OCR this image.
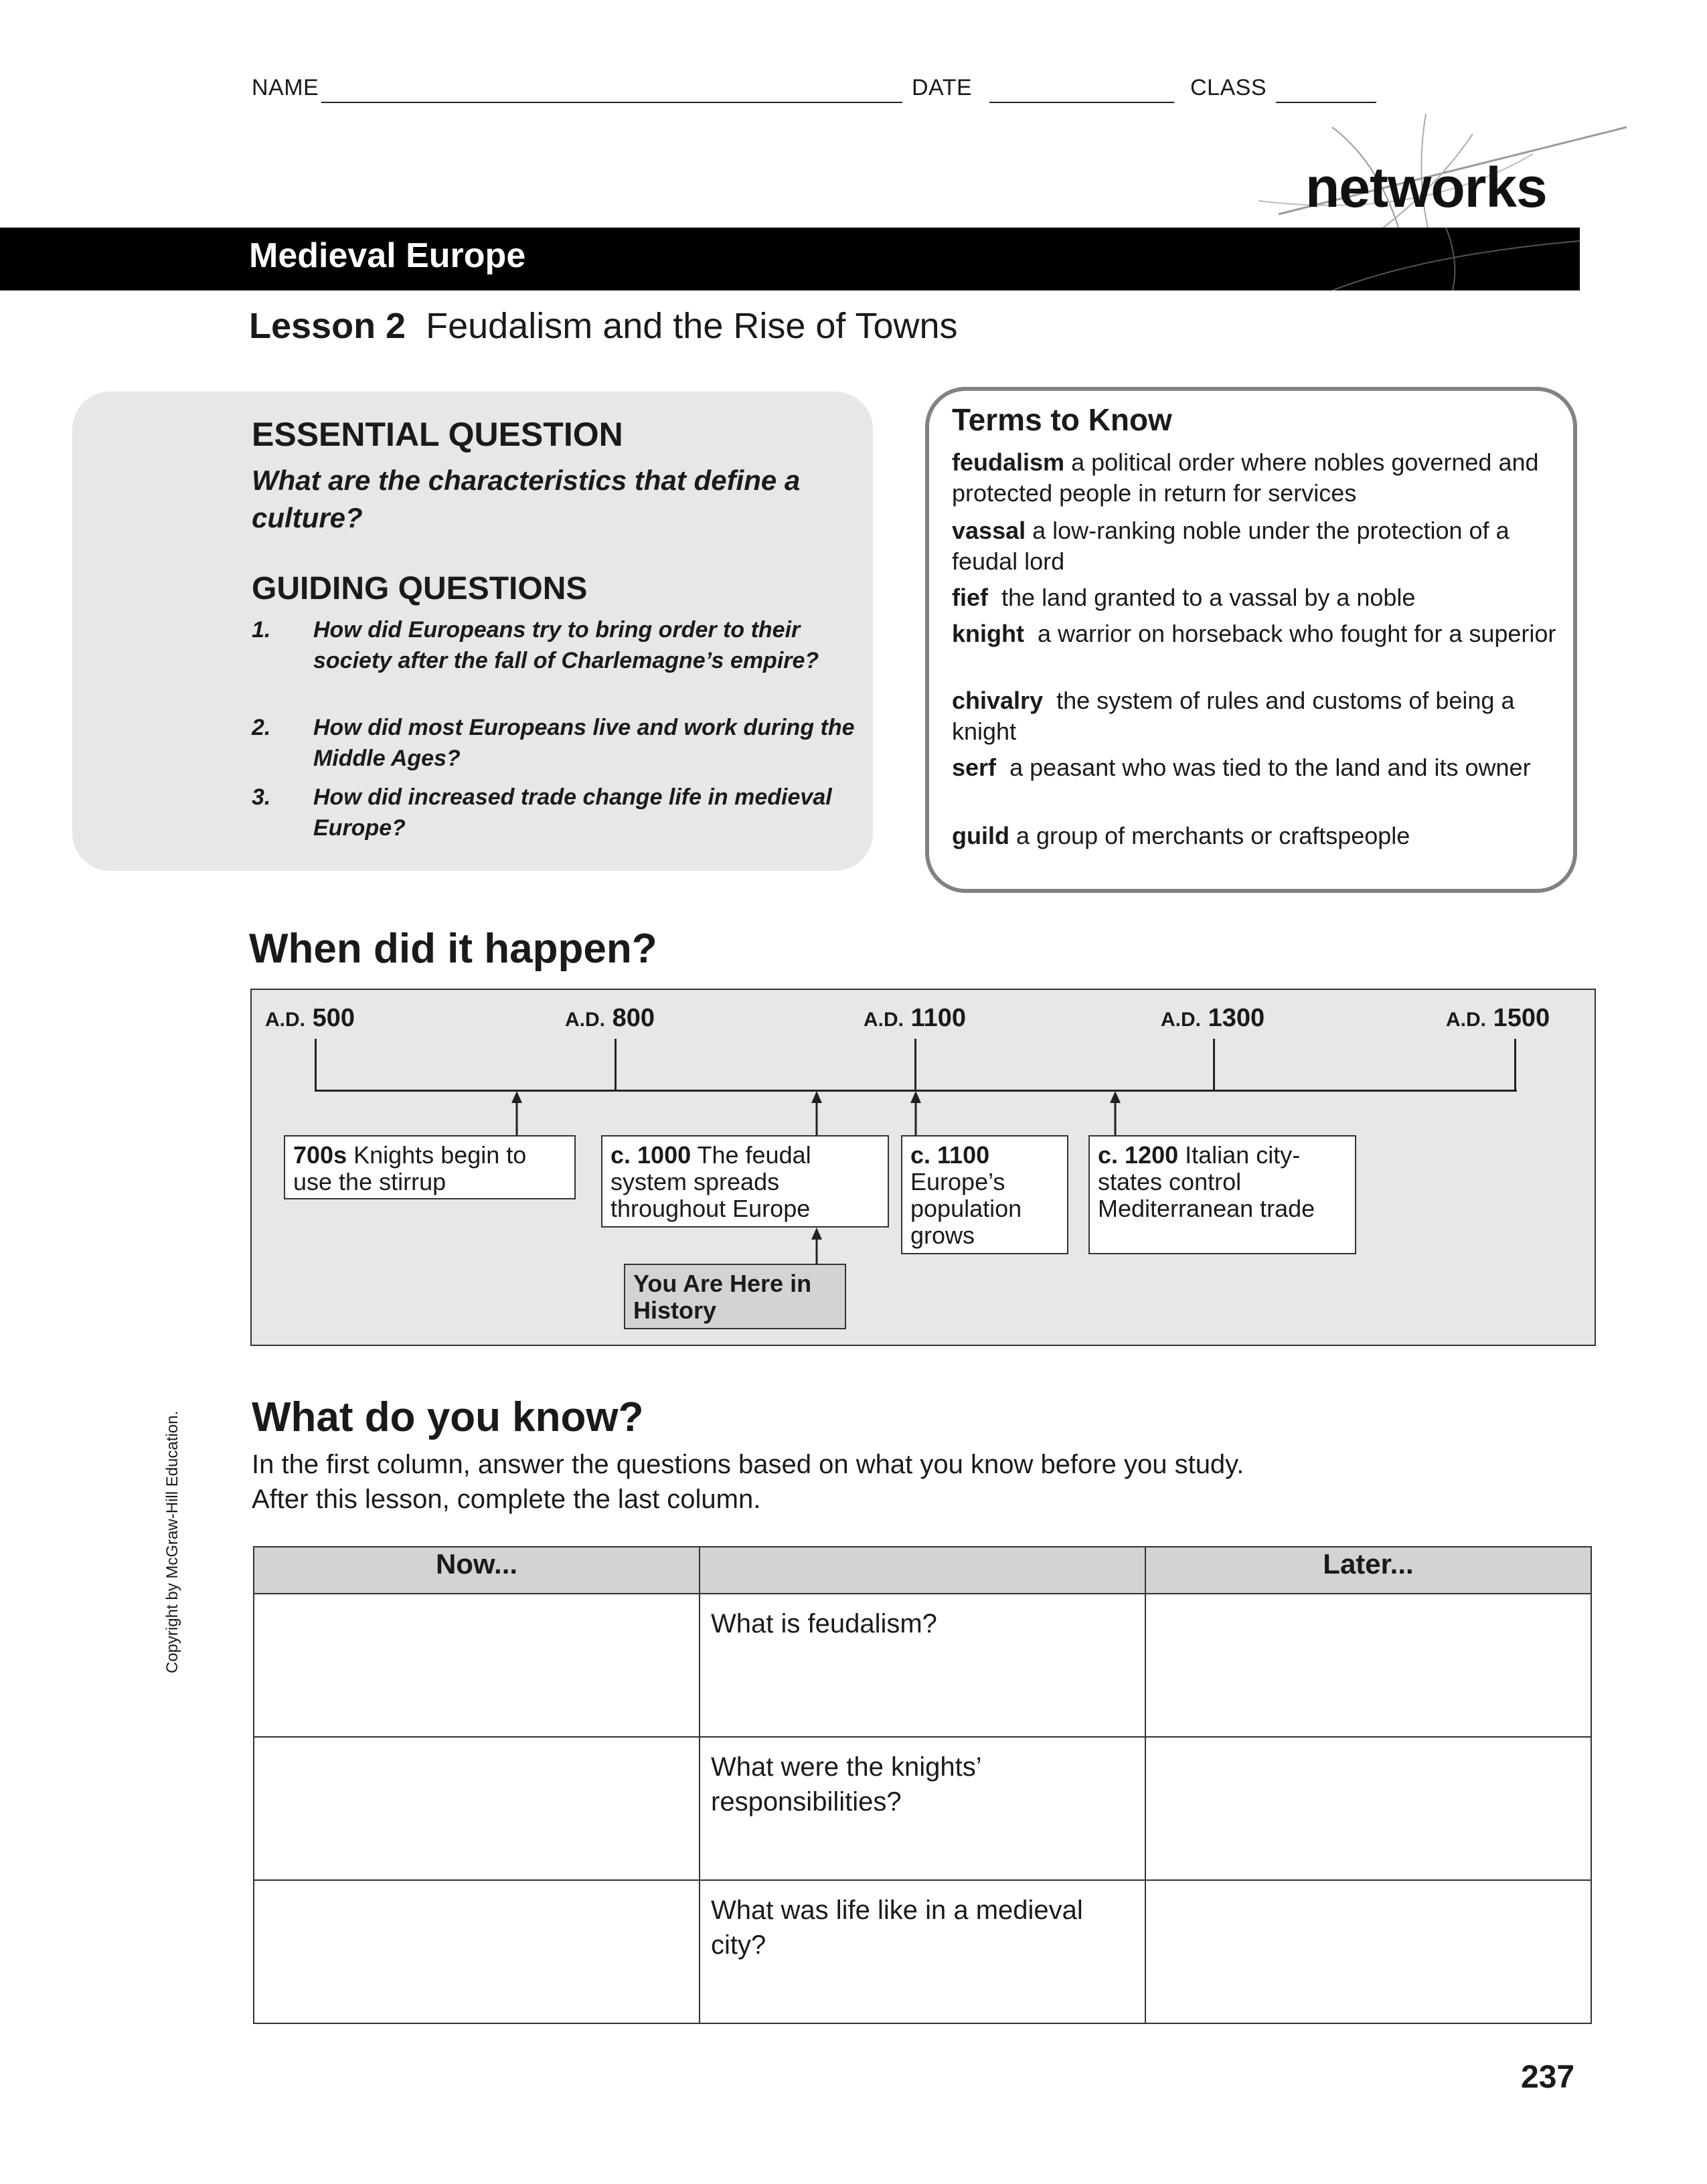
NAME	DATE	CLASS
networks
Medieval Europe
Lesson 2 Feudalism and the Rise of Towns
ESSENTIAL QUESTION
What are the characteristics that define a culture?
GUIDING QUESTIONS
1. How did Europeans try to bring order to their society after the fall of Charlemagne’s empire?
2. How did most Europeans live and work during the Middle Ages?
3. How did increased trade change life in medieval Europe?
Terms to Know
feudalism a political order where nobles governed and protected people in return for services
vassal a low-ranking noble under the protection of a feudal lord
fief the land granted to a vassal by a noble
knight a warrior on horseback who fought for a superior
chivalry the system of rules and customs of being a knight
serf a peasant who was tied to the land and its owner
guild a group of merchants or craftspeople
When did it happen?
A.D. 500	A.D. 800	A.D. 1100	A.D. 1300	A.D. 1500
700s Knights begin to use the stirrup
c. 1000 The feudal system spreads throughout Europe
c. 1100 Europe’s population grows
c. 1200 Italian city-states control Mediterranean trade
You Are Here in History
What do you know?
In the first column, answer the questions based on what you know before you study.
After this lesson, complete the last column.
Now...		Later...
	What is feudalism?	
	What were the knights’ responsibilities?	
	What was life like in a medieval city?	
Copyright by McGraw-Hill Education.
237
